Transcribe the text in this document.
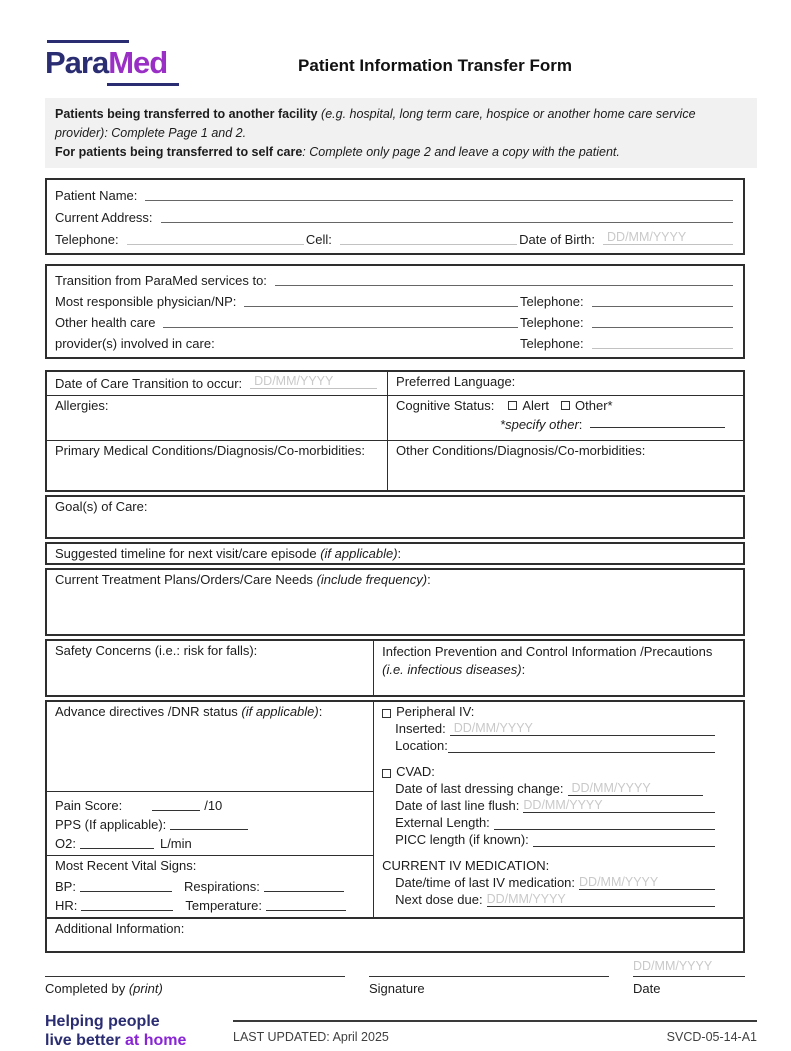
ParaMed	Patient Information Transfer Form
Patients being transferred to another facility (e.g. hospital, long term care, hospice or another home care service provider): Complete Page 1 and 2.
For patients being transferred to self care: Complete only page 2 and leave a copy with the patient.
Patient Name:
Current Address:
Telephone:	Cell:	Date of Birth: DD/MM/YYYY
Transition from ParaMed services to:
Most responsible physician/NP:	Telephone:
Other health care	Telephone:
provider(s) involved in care:	Telephone:
Date of Care Transition to occur: DD/MM/YYYY	Preferred Language:
Allergies:	Cognitive Status: Alert Other*
*specify other :
Primary Medical Conditions/Diagnosis/Co-morbidities:	Other Conditions/Diagnosis/Co-morbidities:
Goal(s) of Care:
Suggested timeline for next visit/care episode (if applicable):
Current Treatment Plans/Orders/Care Needs (include frequency):
Safety Concerns (i.e.: risk for falls):	Infection Prevention and Control Information /Precautions (i.e. infectious diseases):
Advance directives /DNR status (if applicable):
Pain Score:	/10
PPS (If applicable):
O2:	L/min
Most Recent Vital Signs:
BP:	Respirations:
HR:	Temperature:
Peripheral IV:
Inserted: DD/MM/YYYY
Location:
CVAD:
Date of last dressing change: DD/MM/YYYY
Date of last line flush: DD/MM/YYYY
External Length:
PICC length (if known):
CURRENT IV MEDICATION:
Date/time of last IV medication: DD/MM/YYYY
Next dose due: DD/MM/YYYY
Additional Information:
Completed by (print)	Signature
DD/MM/YYYY
Date
Helping people
live better at home	LAST UPDATED: April 2025	SVCD-05-14-A1
